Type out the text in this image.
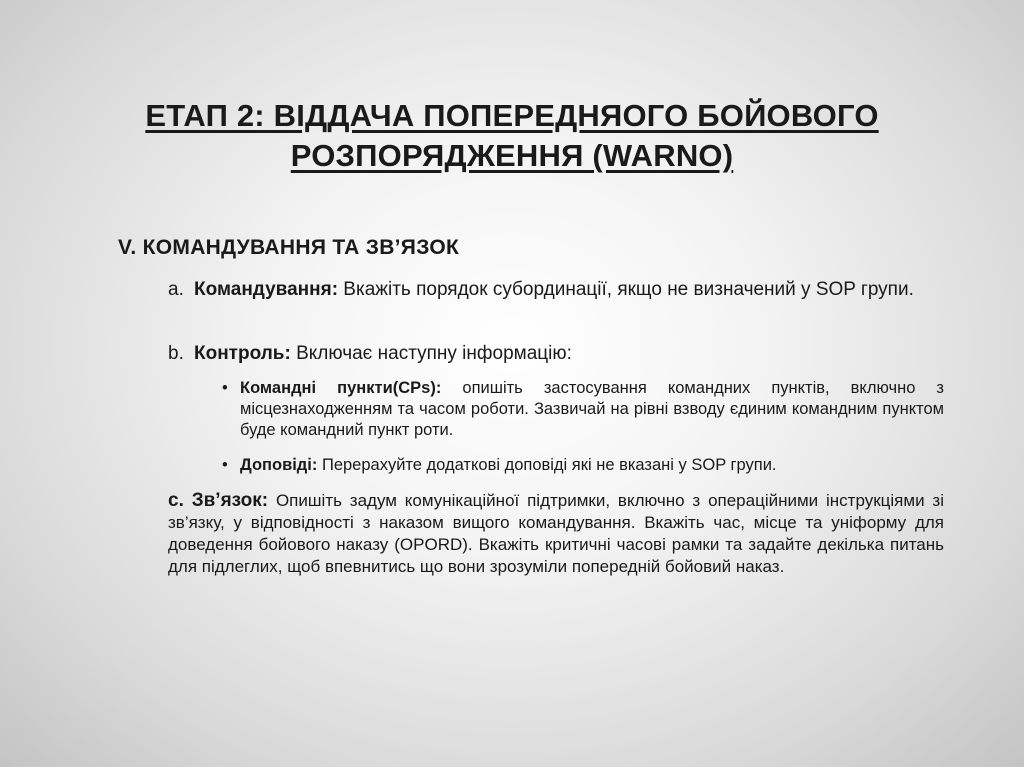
ЕТАП 2: ВІДДАЧА ПОПЕРЕДНЯОГО БОЙОВОГО
РОЗПОРЯДЖЕННЯ (WARNO)
V. КОМАНДУВАННЯ ТА ЗВ’ЯЗОК
a. Командування: Вкажіть порядок субординації, якщо не визначений у SOP групи.
b. Контроль: Включає наступну інформацію:
• Командні пункти(CPs): опишіть застосування командних пунктів, включно з місцезнаходженням та часом роботи. Зазвичай на рівні взводу єдиним командним пунктом буде командний пункт роти.
• Доповіді: Перерахуйте додаткові доповіді які не вказані у SOP групи.
c. Зв’язок: Опишіть задум комунікаційної підтримки, включно з операційними інструкціями зі зв’язку, у відповідності з наказом вищого командування. Вкажіть час, місце та уніформу для доведення бойового наказу (OPORD). Вкажіть критичні часові рамки та задайте декілька питань для підлеглих, щоб впевнитись що вони зрозуміли попередній бойовий наказ.
